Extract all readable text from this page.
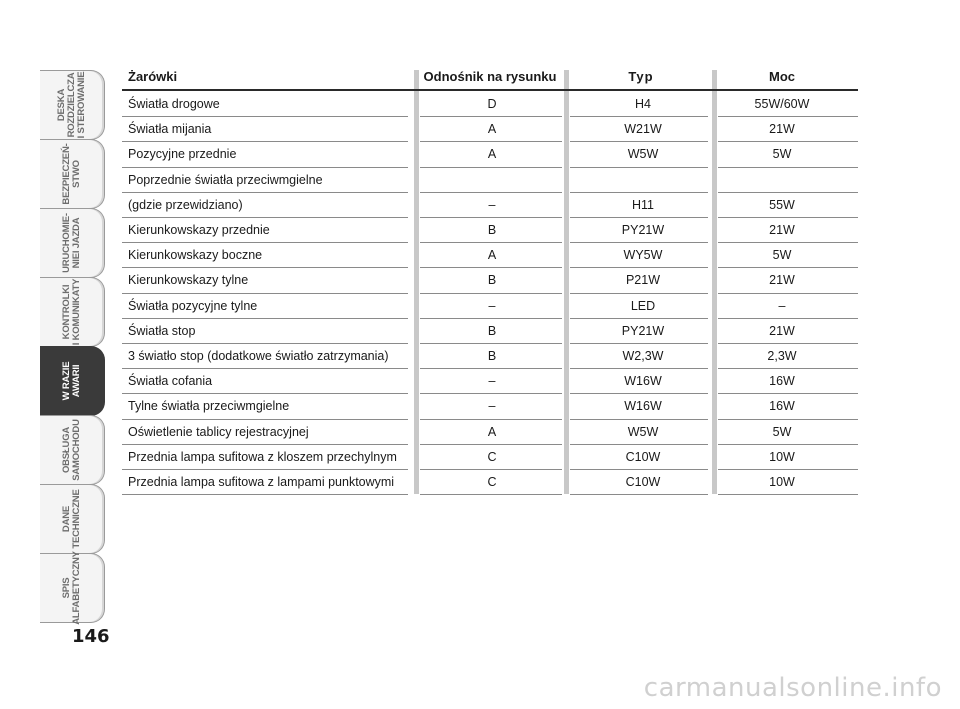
DESKA ROZDZIELCZA I STEROWANIE
BEZPIECZEŃ- STWO
URUCHOMIE- NIEI JAZDA
KONTROLKI I KOMUNIKATY
W RAZIE AWARII
OBSŁUGA SAMOCHODU
DANE TECHNICZNE
SPIS ALFABETYCZNY
146
Żarówki	Odnośnik na rysunku	Typ	Moc
Światła drogowe	D	H4	55W/60W
Światła mijania	A	W21W	21W
Pozycyjne przednie	A	W5W	5W
Poprzednie światła przeciwmgielne
(gdzie przewidziano)	–	H11	55W
Kierunkowskazy przednie	B	PY21W	21W
Kierunkowskazy boczne	A	WY5W	5W
Kierunkowskazy tylne	B	P21W	21W
Światła pozycyjne tylne	–	LED	–
Światła stop	B	PY21W	21W
3 światło stop (dodatkowe światło zatrzymania)	B	W2,3W	2,3W
Światła cofania	–	W16W	16W
Tylne światła przeciwmgielne	–	W16W	16W
Oświetlenie tablicy rejestracyjnej	A	W5W	5W
Przednia lampa sufitowa z kloszem przechylnym	C	C10W	10W
Przednia lampa sufitowa z lampami punktowymi	C	C10W	10W
carmanualsonline.info
